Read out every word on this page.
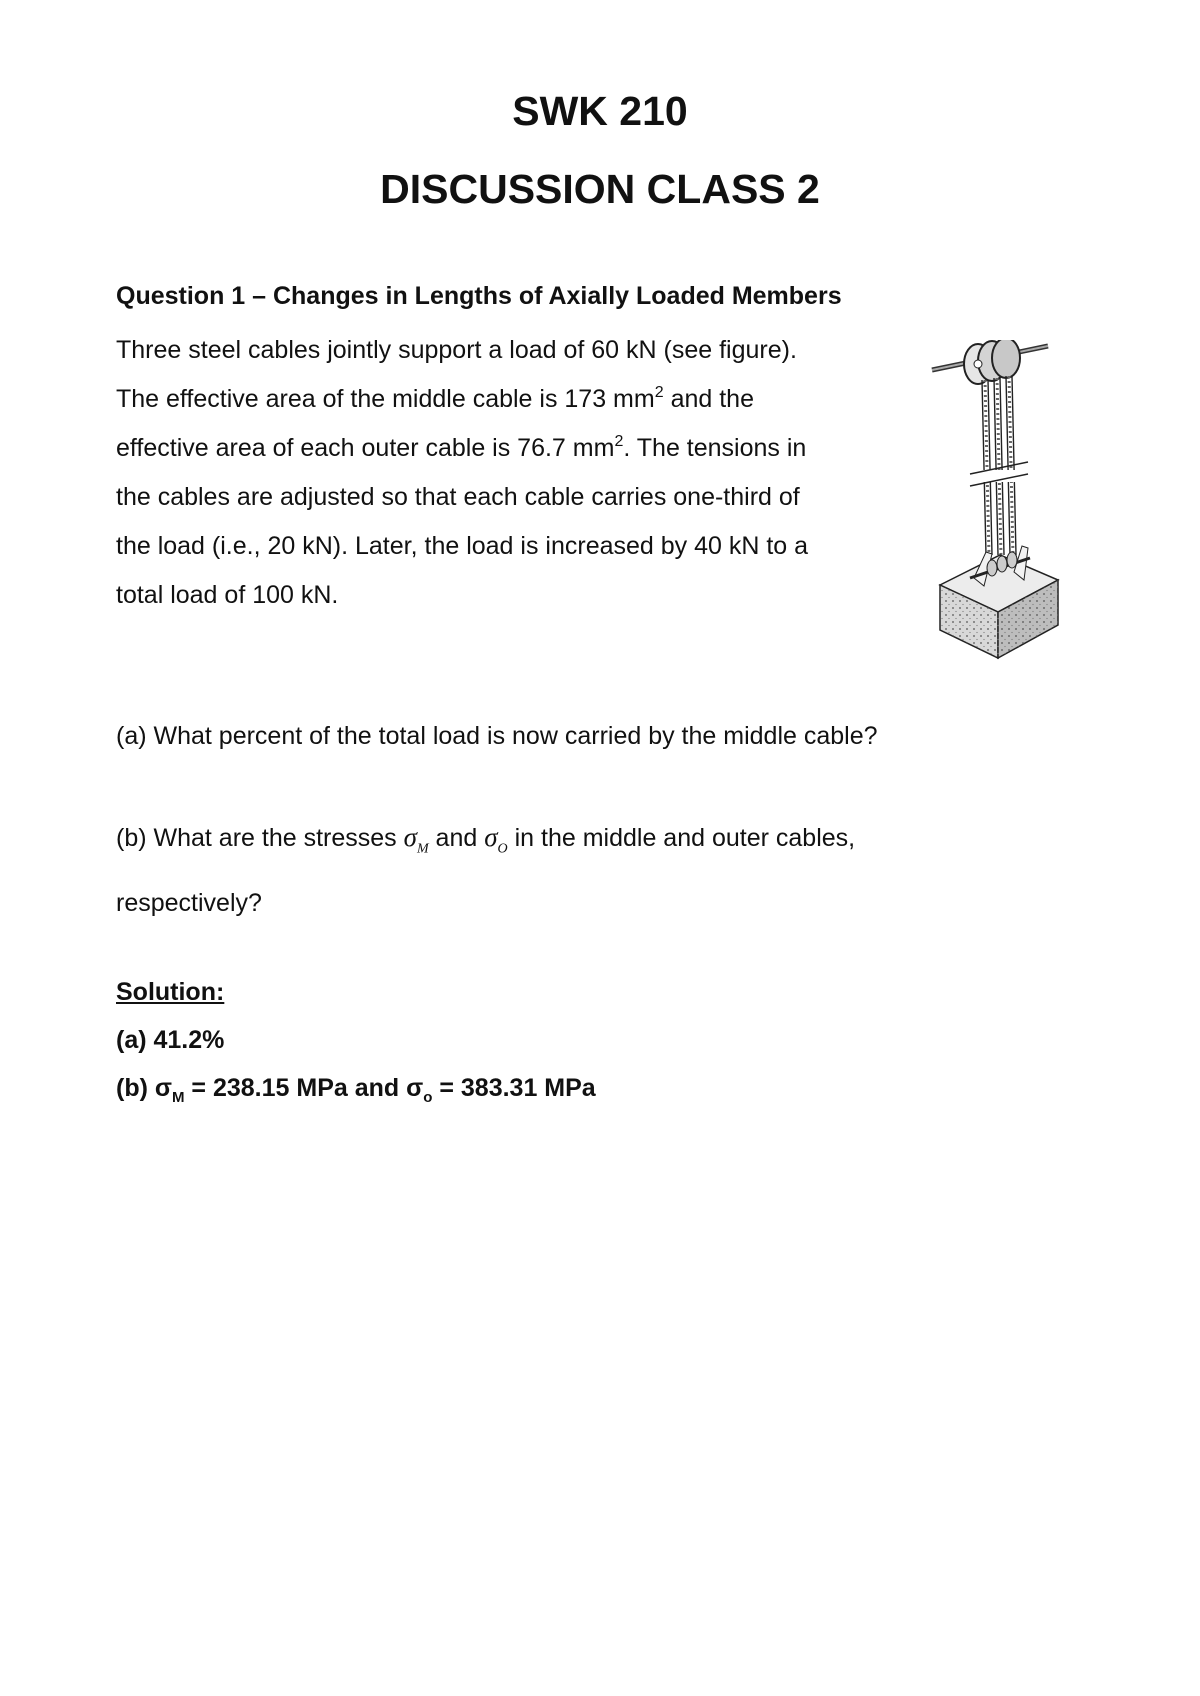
SWK 210
DISCUSSION CLASS 2
Question 1 – Changes in Lengths of Axially Loaded Members
Three steel cables jointly support a load of 60 kN (see figure).
The effective area of the middle cable is 173 $mm^2$ and the
effective area of each outer cable is 76.7 $mm^2$. The tensions in
the cables are adjusted so that each cable carries one-third of
the load (i.e., 20 kN). Later, the load is increased by 40 kN to a
total load of 100 kN.
(a) What percent of the total load is now carried by the middle cable?
(b) What are the stresses $\sigma_M$ and $\sigma_O$ in the middle and outer cables,
respectively?
Solution:
(a) 41.2%
(b) $\sigma_M = 238.15$ MPa and $\sigma_o = 383.31$ MPa
